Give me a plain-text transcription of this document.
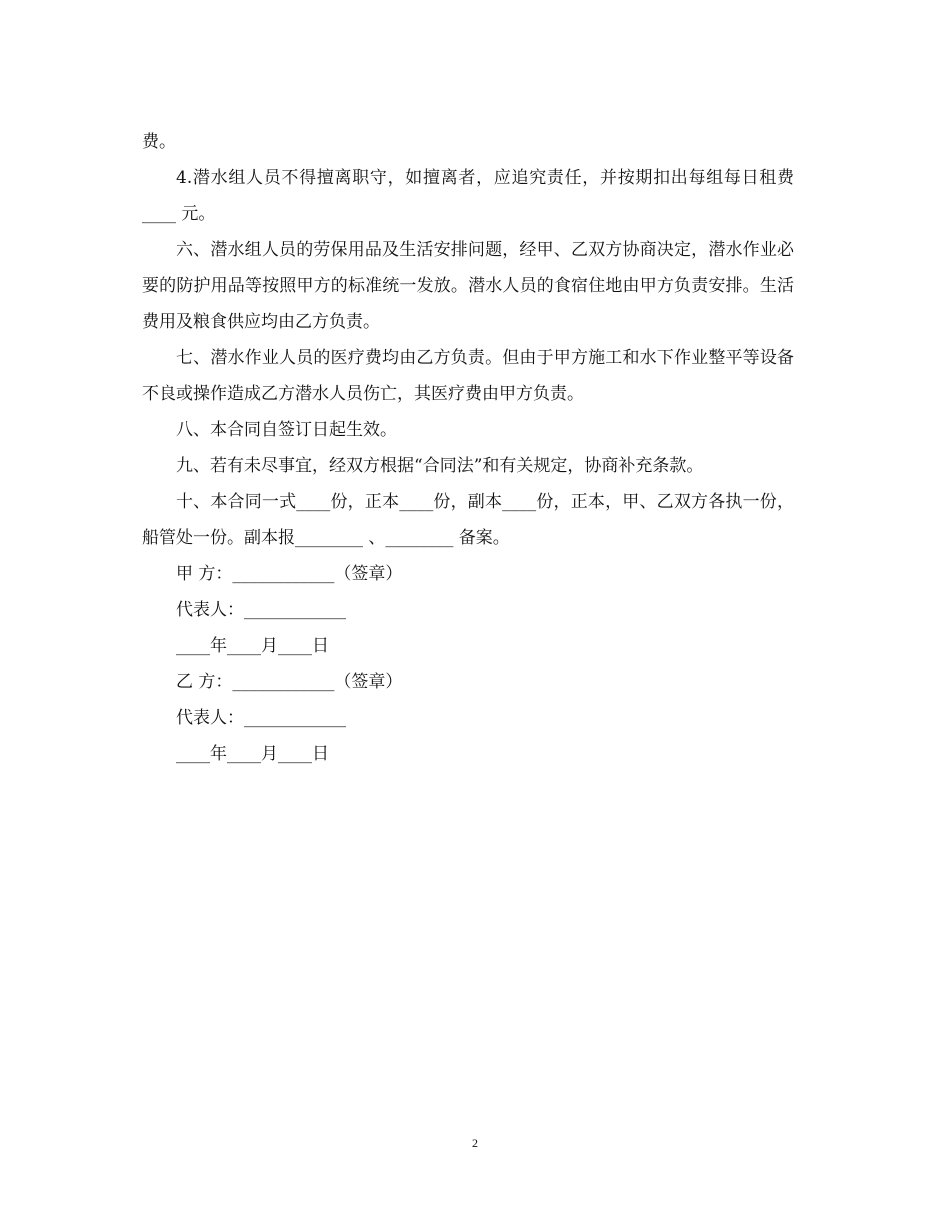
费。

4.潜水组人员不得擅离职守，如擅离者，应追究责任，并按期扣出每组每日租费____ 元。

六、潜水组人员的劳保用品及生活安排问题，经甲、乙双方协商决定，潜水作业必要的防护用品等按照甲方的标准统一发放。潜水人员的食宿住地由甲方负责安排。生活费用及粮食供应均由乙方负责。

七、潜水作业人员的医疗费均由乙方负责。但由于甲方施工和水下作业整平等设备不良或操作造成乙方潜水人员伤亡，其医疗费由甲方负责。

八、本合同自签订日起生效。

九、若有未尽事宜，经双方根据“合同法”和有关规定，协商补充条款。

十、本合同一式____份，正本____份，副本____份，正本，甲、乙双方各执一份，船管处一份。副本报________ 、________ 备案。

甲 方：____________（签章）
代表人：____________
____年____月____日
乙 方：____________（签章）
代表人：____________
____年____月____日
2
